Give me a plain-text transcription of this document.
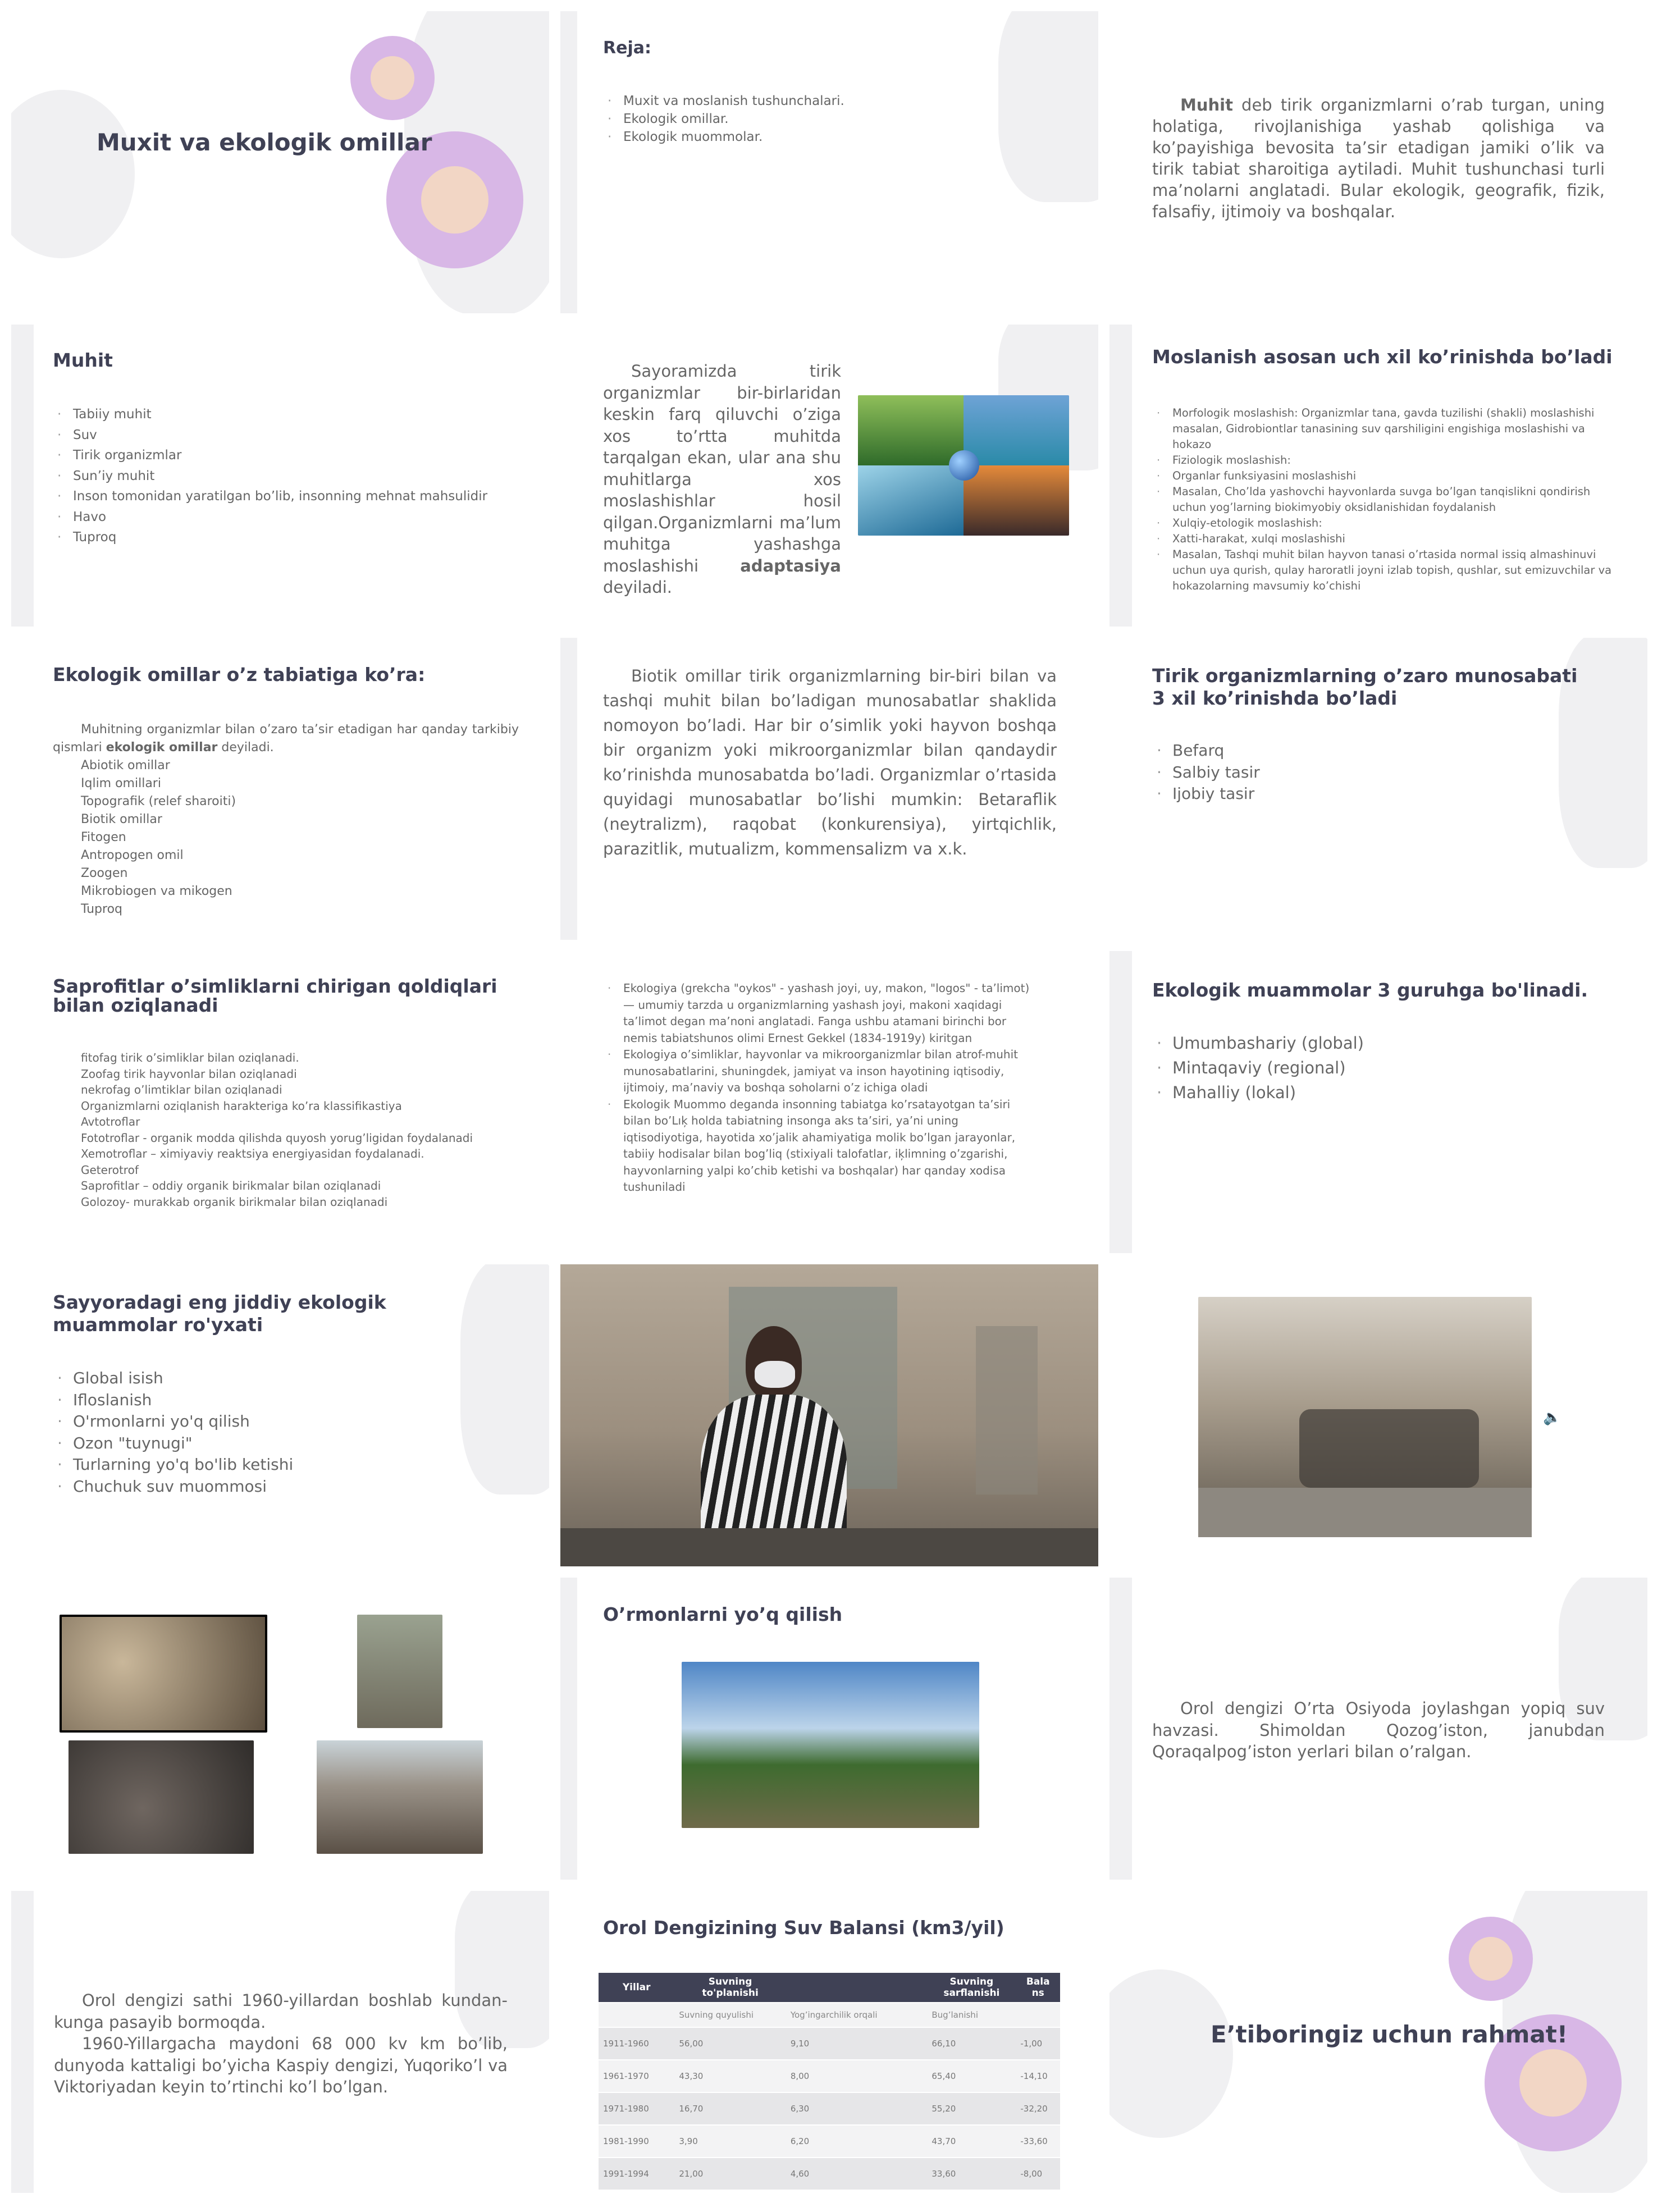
Muxit va ekologik omillar
Reja:
· Muxit va moslanish tushunchalari.
· Ekologik omillar.
· Ekologik muommolar.
Muhit deb tirik organizmlarni o’rab turgan, uning holatiga, rivojlanishiga yashab qolishiga va ko’payishiga bevosita ta’sir etadigan jamiki o’lik va tirik tabiat sharoitiga aytiladi. Muhit tushunchasi turli ma’nolarni anglatadi. Bular ekologik, geografik, fizik, falsafiy, ijtimoiy va boshqalar.
Muhit
· Tabiiy muhit
· Suv
· Tirik organizmlar
· Sun’iy muhit
· Inson tomonidan yaratilgan bo’lib, insonning mehnat mahsulidir
· Havo
· Tuproq
Sayoramizda tirik organizmlar bir-birlaridan keskin farq qiluvchi o’ziga xos to’rtta muhitda tarqalgan ekan, ular ana shu muhitlarga xos moslashishlar hosil qilgan.Organizmlarni ma’lum muhitga yashashga moslashishi adaptasiya deyiladi.
Moslanish asosan uch xil ko’rinishda bo’ladi
· Morfologik moslashish: Organizmlar tana, gavda tuzilishi (shakli) moslashishi masalan, Gidrobiontlar tanasining suv qarshiligini engishiga moslashishi va hokazo
· Fiziologik moslashish:
· Organlar funksiyasini moslashishi
· Masalan, Cho’lda yashovchi hayvonlarda suvga bo’lgan tanqislikni qondirish uchun yog’larning biokimyobiy oksidlanishidan foydalanish
· Xulqiy-etologik moslashish:
· Xatti-harakat, xulqi moslashishi
· Masalan, Tashqi muhit bilan hayvon tanasi o’rtasida normal issiq almashinuvi uchun uya qurish, qulay haroratli joyni izlab topish, qushlar, sut emizuvchilar va hokazolarning mavsumiy ko’chishi
Ekologik omillar o’z tabiatiga ko’ra:
Muhitning organizmlar bilan o’zaro ta’sir etadigan har qanday tarkibiy qismlari ekologik omillar deyiladi.
Abiotik omillar
Iqlim omillari
Topografik (relef sharoiti)
Biotik omillar
Fitogen
Antropogen omil
Zoogen
Mikrobiogen va mikogen
Tuproq
Biotik omillar tirik organizmlarning bir-biri bilan va tashqi muhit bilan bo’ladigan munosabatlar shaklida nomoyon bo’ladi. Har bir o’simlik yoki hayvon boshqa bir organizm yoki mikroorganizmlar bilan qandaydir ko’rinishda munosabatda bo’ladi. Organizmlar o’rtasida quyidagi munosabatlar bo’lishi mumkin: Betaraflik (neytralizm), raqobat (konkurensiya), yirtqichlik, parazitlik, mutualizm, kommensalizm va x.k.
Tirik organizmlarning o’zaro munosabati 3 xil ko’rinishda bo’ladi
· Befarq
· Salbiy tasir
· Ijobiy tasir
Saprofitlar o’simliklarni chirigan qoldiqlari bilan oziqlanadi
fitofag tirik o’simliklar bilan oziqlanadi.
Zoofag tirik hayvonlar bilan oziqlanadi
nekrofag o’limtiklar bilan oziqlanadi
Organizmlarni oziqlanish harakteriga ko’ra klassifikastiya
Avtotroflar
Fototroflar - organik modda qilishda quyosh yorug’ligidan foydalanadi
Xemotroflar – ximiyaviy reaktsiya energiyasidan foydalanadi.
Geterotrof
Saprofitlar – oddiy organik birikmalar bilan oziqlanadi
Golozoy- murakkab organik birikmalar bilan oziqlanadi
· Ekologiya (grekcha "oykos" - yashash joyi, uy, makon, "logos" - ta’limot) — umumiy tarzda u organizmlarning yashash joyi, makoni xaqidagi ta’limot degan ma’noni anglatadi. Fanga ushbu atamani birinchi bor nemis tabiatshunos olimi Ernest Gekkel (1834-1919y) kiritgan
· Ekologiya o’simliklar, hayvonlar va mikroorganizmlar bilan atrof-muhit munosabatlarini, shuningdek, jamiyat va inson hayotining iqtisodiy, ijtimoiy, ma’naviy va boshqa soholarni o’z ichiga oladi
· Ekologik Muommo deganda insonning tabiatga ko’rsatayotgan ta’siri bilan bo’Lıķ holda tabiatning insonga aks ta’siri, ya’ni uning iqtisodiyotiga, hayotida xo’jalik ahamiyatiga molik bo’lgan jarayonlar, tabiiy hodisalar bilan bog’liq (stixiyali talofatlar, iķlimning o’zgarishi, hayvonlarning yalpi ko’chib ketishi va boshqalar) har qanday xodisa tushuniladi
Ekologik muammolar 3 guruhga bo'linadi.
· Umumbashariy (global)
· Mintaqaviy (regional)
· Mahalliy (lokal)
Sayyoradagi eng jiddiy ekologik muammolar ro'yxati
· Global isish
· Ifloslanish
· O'rmonlarni yo'q qilish
· Ozon "tuynugi"
· Turlarning yo'q bo'lib ketishi
· Chuchuk suv muommosi
🔈
O’rmonlarni yo’q qilish
Orol dengizi O’rta Osiyoda joylashgan yopiq suv havzasi. Shimoldan Qozog’iston, janubdan Qoraqalpog’iston yerlari bilan o’ralgan.
Orol dengizi sathi 1960-yillardan boshlab kundan-kunga pasayib bormoqda.
1960-Yillargacha maydoni 68 000 kv km bo’lib, dunyoda kattaligi bo’yicha Kaspiy dengizi, Yuqoriko’l va Viktoriyadan keyin to’rtinchi ko’l bo’lgan.
Orol Dengizining Suv Balansi (km3/yil)
Yillar	Suvning to'planishi		Suvning sarflanishi	Bala ns
	Suvning quyulishi	Yog’ingarchilik orqali	Bug’lanishi	
1911-1960	56,00	9,10	66,10	-1,00
1961-1970	43,30	8,00	65,40	-14,10
1971-1980	16,70	6,30	55,20	-32,20
1981-1990	3,90	6,20	43,70	-33,60
1991-1994	21,00	4,60	33,60	-8,00
E’tiboringiz uchun rahmat!
